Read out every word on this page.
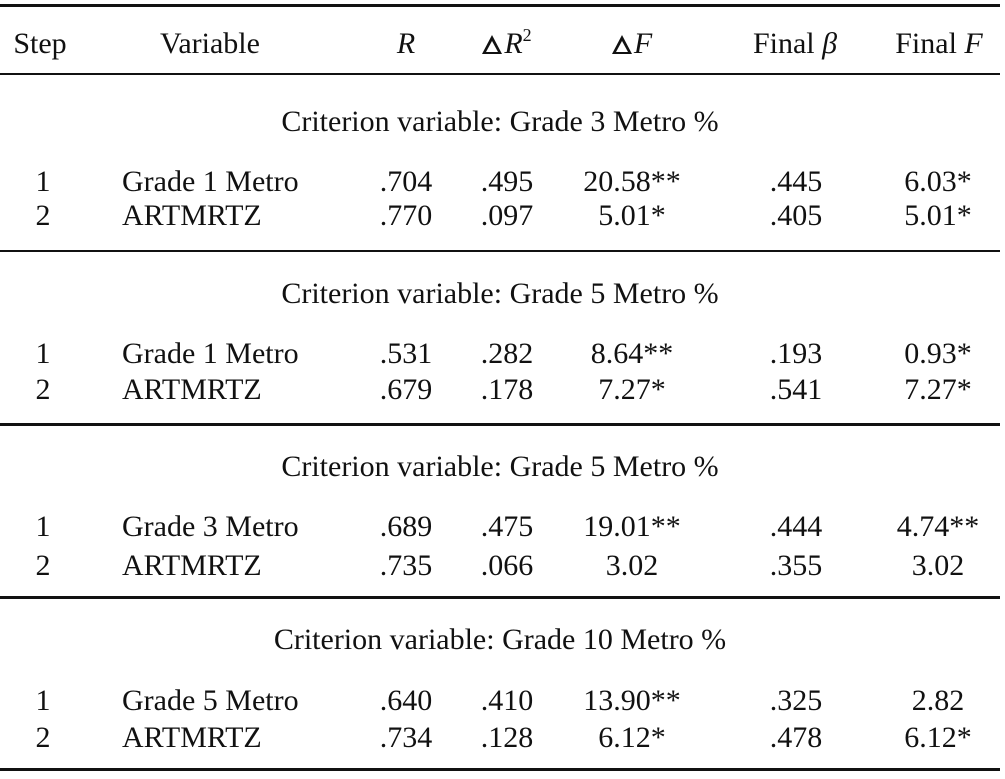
Step	Variable	R	$R^2$	F	Final β	Final F
Criterion variable: Grade 3 Metro %
1 Grade 1 Metro	.704	.495	20.58**	.445	6.03*
2 ARTMRTZ	.770	.097	5.01*	.405	5.01*
Criterion variable: Grade 5 Metro %
1 Grade 1 Metro	.531	.282	8.64**	.193	0.93*
2 ARTMRTZ	.679	.178	7.27*	.541	7.27*
Criterion variable: Grade 5 Metro %
1 Grade 3 Metro	.689	.475	19.01**	.444	4.74**
2 ARTMRTZ	.735	.066	3.02	.355	3.02
Criterion variable: Grade 10 Metro %
1 Grade 5 Metro	.640	.410	13.90**	.325	2.82
2 ARTMRTZ	.734	.128	6.12*	.478	6.12*
